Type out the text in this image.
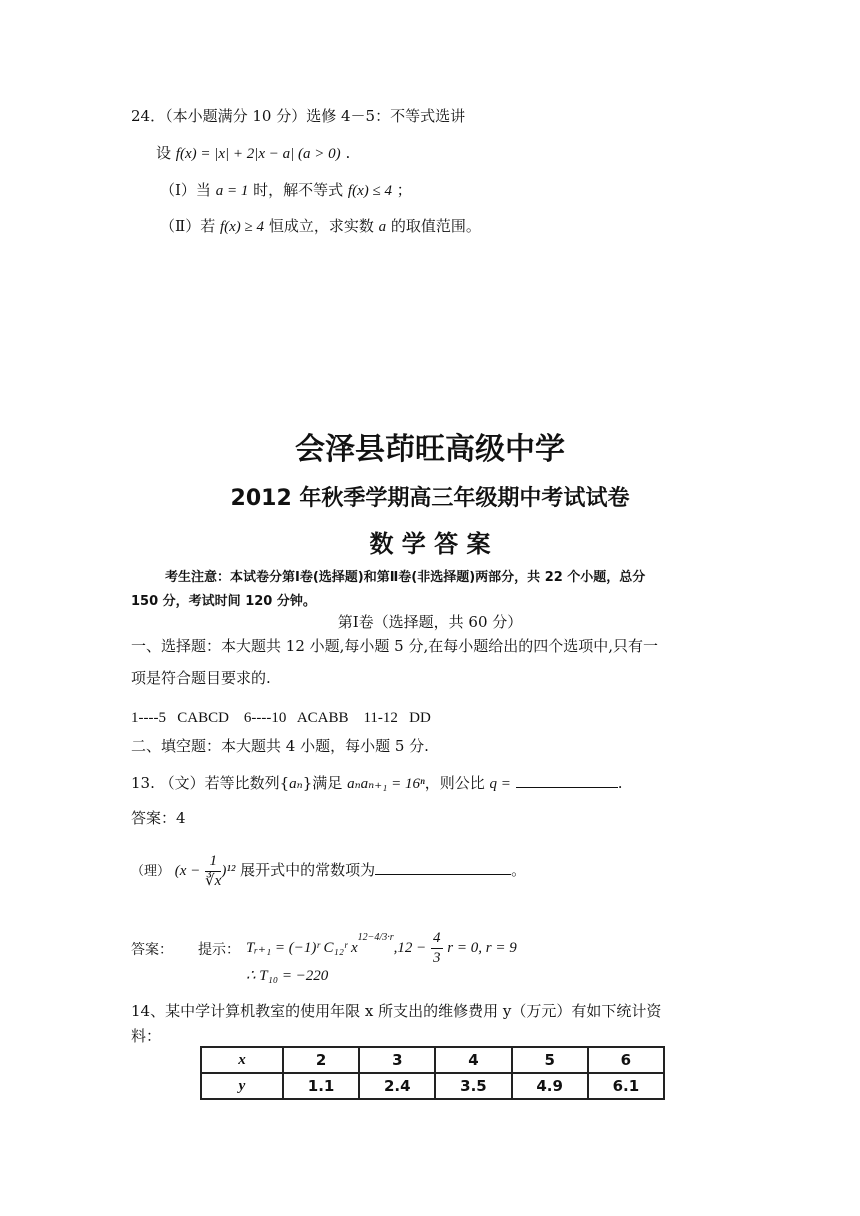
24．（本小题满分 10 分）选修 4－5：不等式选讲
设 f(x) = |x| + 2|x − a| (a > 0) .
（Ⅰ）当 a = 1 时，解不等式 f(x) ≤ 4 ；
（Ⅱ）若 f(x) ≥ 4 恒成立，求实数 a 的取值范围。
会泽县茚旺高级中学
2012 年秋季学期高三年级期中考试试卷
数 学 答 案
考生注意：本试卷分第Ⅰ卷(选择题)和第Ⅱ卷(非选择题)两部分，共 22 个小题，总分
150 分，考试时间 120 分钟。
第Ⅰ卷（选择题，共 60 分）
一、选择题：本大题共 12 小题,每小题 5 分,在每小题给出的四个选项中,只有一
项是符合题目要求的.
1----5   CABCD    6----10   ACABB    11-12   DD
二、填空题：本大题共 4 小题，每小题 5 分.
13. （文）若等比数列{aₙ}满足 aₙaₙ₊₁ = 16ⁿ，则公比 q =	.
答案：4
（理） $(x - \frac{1}{∛x} )^{12}$ 展开式中的常数项为	。
答案： 提示： Tᵣ₊₁ = (−1)ʳ C₁₂ʳ $x^{12-4/3\cdot r},12 - \frac{4}{3}$ r = 0, r = 9
∴ T₁₀ = −220
14、某中学计算机教室的使用年限 x 所支出的维修费用 y（万元）有如下统计资
料：
x	2	3	4	5	6
y	1.1	2.4	3.5	4.9	6.1
